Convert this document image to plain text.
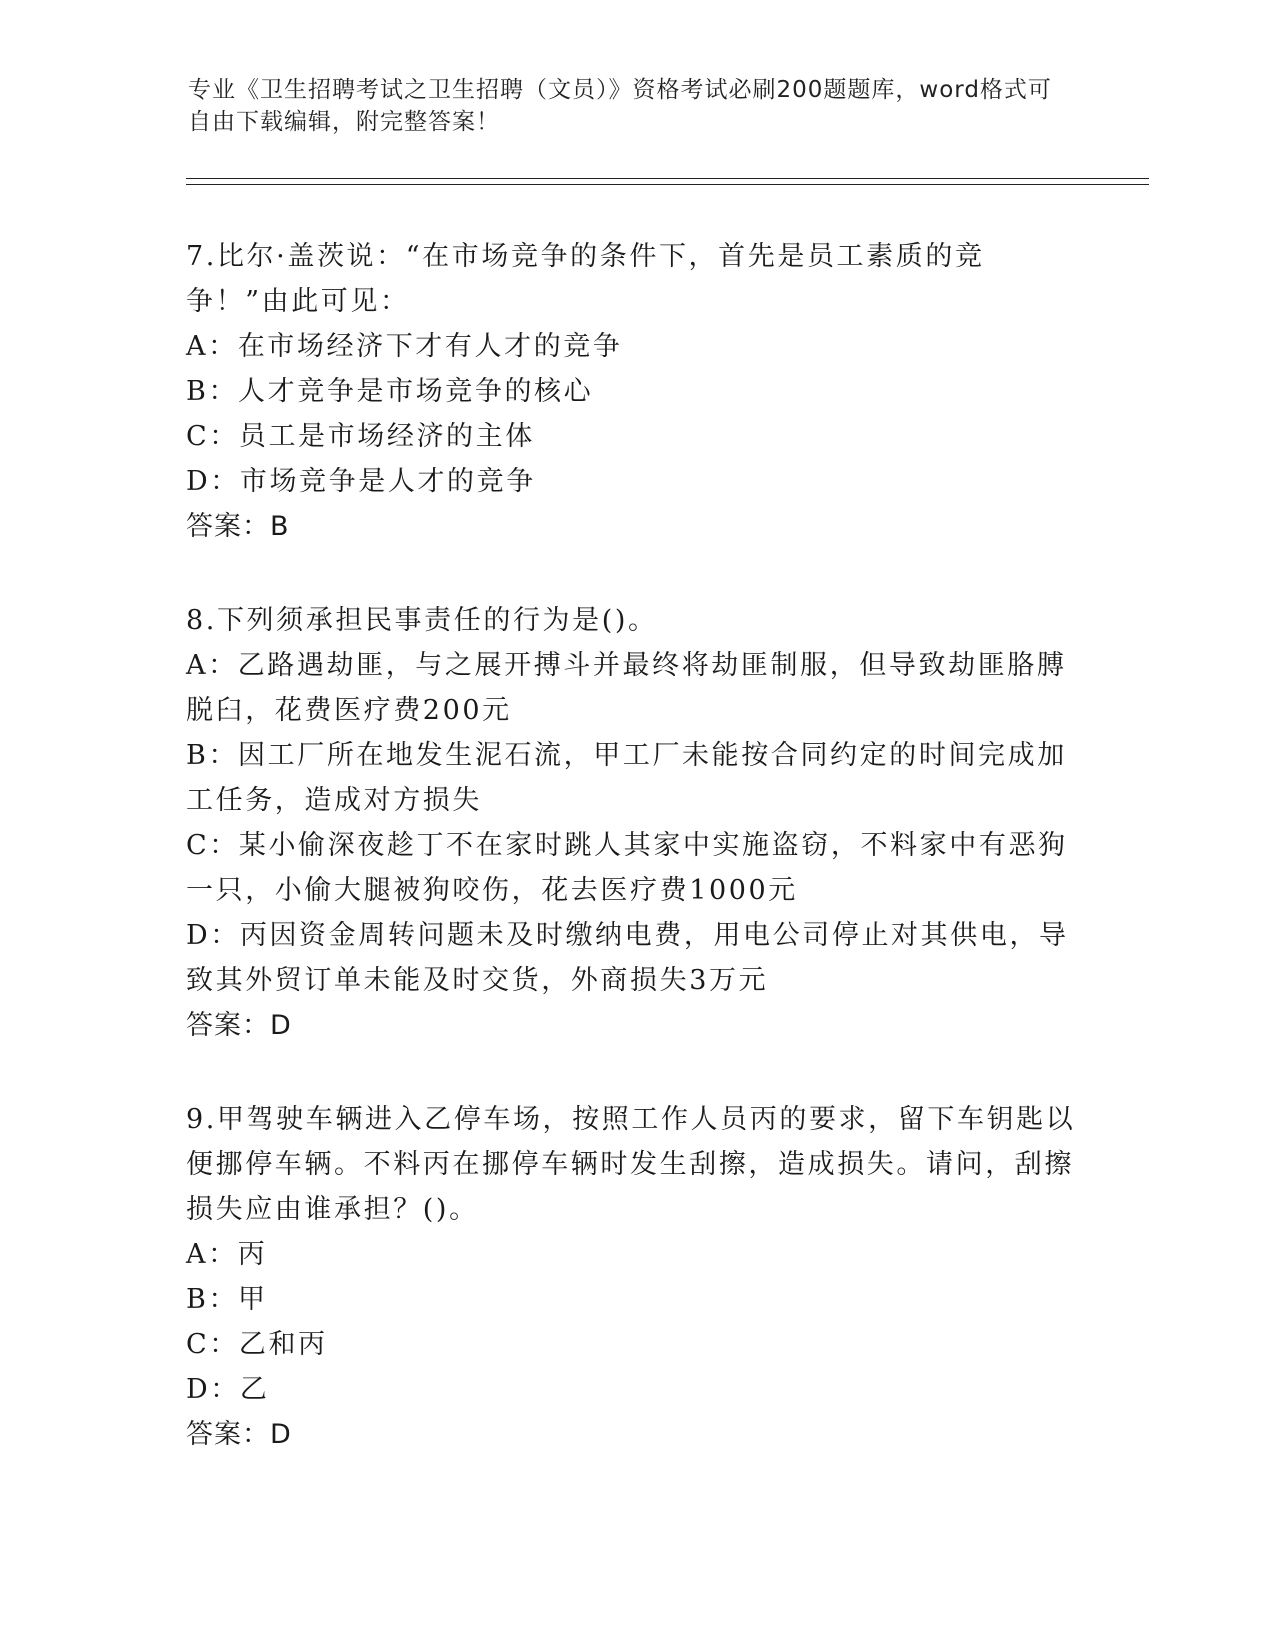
专业《卫生招聘考试之卫生招聘（文员）》资格考试必刷200题题库，word格式可自由下载编辑，附完整答案！
7.比尔·盖茨说：“在市场竞争的条件下，首先是员工素质的竞争！”由此可见：
A：在市场经济下才有人才的竞争
B：人才竞争是市场竞争的核心
C：员工是市场经济的主体
D：市场竞争是人才的竞争
答案：B
8.下列须承担民事责任的行为是()。
A：乙路遇劫匪，与之展开搏斗并最终将劫匪制服，但导致劫匪胳膊脱臼，花费医疗费200元
B：因工厂所在地发生泥石流，甲工厂未能按合同约定的时间完成加工任务，造成对方损失
C：某小偷深夜趁丁不在家时跳人其家中实施盗窃，不料家中有恶狗一只，小偷大腿被狗咬伤，花去医疗费1000元
D：丙因资金周转问题未及时缴纳电费，用电公司停止对其供电，导致其外贸订单未能及时交货，外商损失3万元
答案：D
9.甲驾驶车辆进入乙停车场，按照工作人员丙的要求，留下车钥匙以便挪停车辆。不料丙在挪停车辆时发生刮擦，造成损失。请问，刮擦损失应由谁承担？()。
A：丙
B：甲
C：乙和丙
D：乙
答案：D
